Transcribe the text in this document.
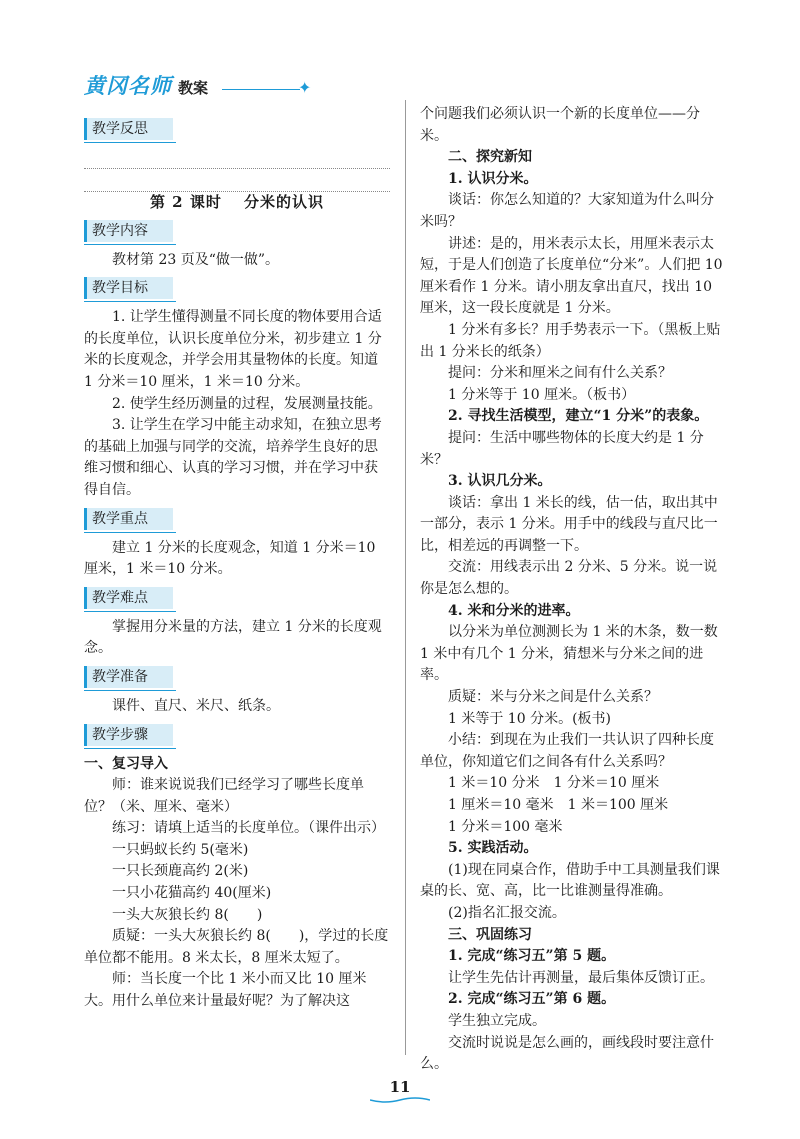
黄冈名师 教案	✦
教学反思

第 2 课时　 分米的认识

教学内容

教材第 23 页及“做一做”。

教学目标

1. 让学生懂得测量不同长度的物体要用合适的长度单位，认识长度单位分米，初步建立 1 分米的长度观念，并学会用其量物体的长度。知道 1 分米＝10 厘米，1 米＝10 分米。

2. 使学生经历测量的过程，发展测量技能。

3. 让学生在学习中能主动求知，在独立思考的基础上加强与同学的交流，培养学生良好的思维习惯和细心、认真的学习习惯，并在学习中获得自信。

教学重点

建立 1 分米的长度观念，知道 1 分米＝10 厘米，1 米＝10 分米。

教学难点

掌握用分米量的方法，建立 1 分米的长度观念。

教学准备

课件、直尺、米尺、纸条。

教学步骤

一、复习导入

师：谁来说说我们已经学习了哪些长度单位？（米、厘米、毫米）

练习：请填上适当的长度单位。（课件出示）

一只蚂蚁长约 5(毫米)

一只长颈鹿高约 2(米)

一只小花猫高约 40(厘米)

一头大灰狼长约 8(　　)

质疑：一头大灰狼长约 8(　　)，学过的长度单位都不能用。8 米太长，8 厘米太短了。

师：当长度一个比 1 米小而又比 10 厘米大。用什么单位来计量最好呢？为了解决这

个问题我们必须认识一个新的长度单位——分米。

二、探究新知

1. 认识分米。

谈话：你怎么知道的？大家知道为什么叫分米吗？

讲述：是的，用米表示太长，用厘米表示太短，于是人们创造了长度单位“分米”。人们把 10 厘米看作 1 分米。请小朋友拿出直尺，找出 10 厘米，这一段长度就是 1 分米。

1 分米有多长？用手势表示一下。（黑板上贴出 1 分米长的纸条）

提问：分米和厘米之间有什么关系？

1 分米等于 10 厘米。（板书）

2. 寻找生活模型，建立“1 分米”的表象。

提问：生活中哪些物体的长度大约是 1 分米？

3. 认识几分米。

谈话：拿出 1 米长的线，估一估，取出其中一部分，表示 1 分米。用手中的线段与直尺比一比，相差远的再调整一下。

交流：用线表示出 2 分米、5 分米。说一说你是怎么想的。

4. 米和分米的进率。

以分米为单位测测长为 1 米的木条，数一数 1 米中有几个 1 分米，猜想米与分米之间的进率。

质疑：米与分米之间是什么关系？

1 米等于 10 分米。(板书)

小结：到现在为止我们一共认识了四种长度单位，你知道它们之间各有什么关系吗？

1 米＝10 分米　1 分米＝10 厘米

1 厘米＝10 毫米　1 米＝100 厘米

1 分米＝100 毫米

5. 实践活动。

(1)现在同桌合作，借助手中工具测量我们课桌的长、宽、高，比一比谁测量得准确。

(2)指名汇报交流。

三、巩固练习

1. 完成“练习五”第 5 题。

让学生先估计再测量，最后集体反馈订正。

2. 完成“练习五”第 6 题。

学生独立完成。

交流时说说是怎么画的，画线段时要注意什么。

11
